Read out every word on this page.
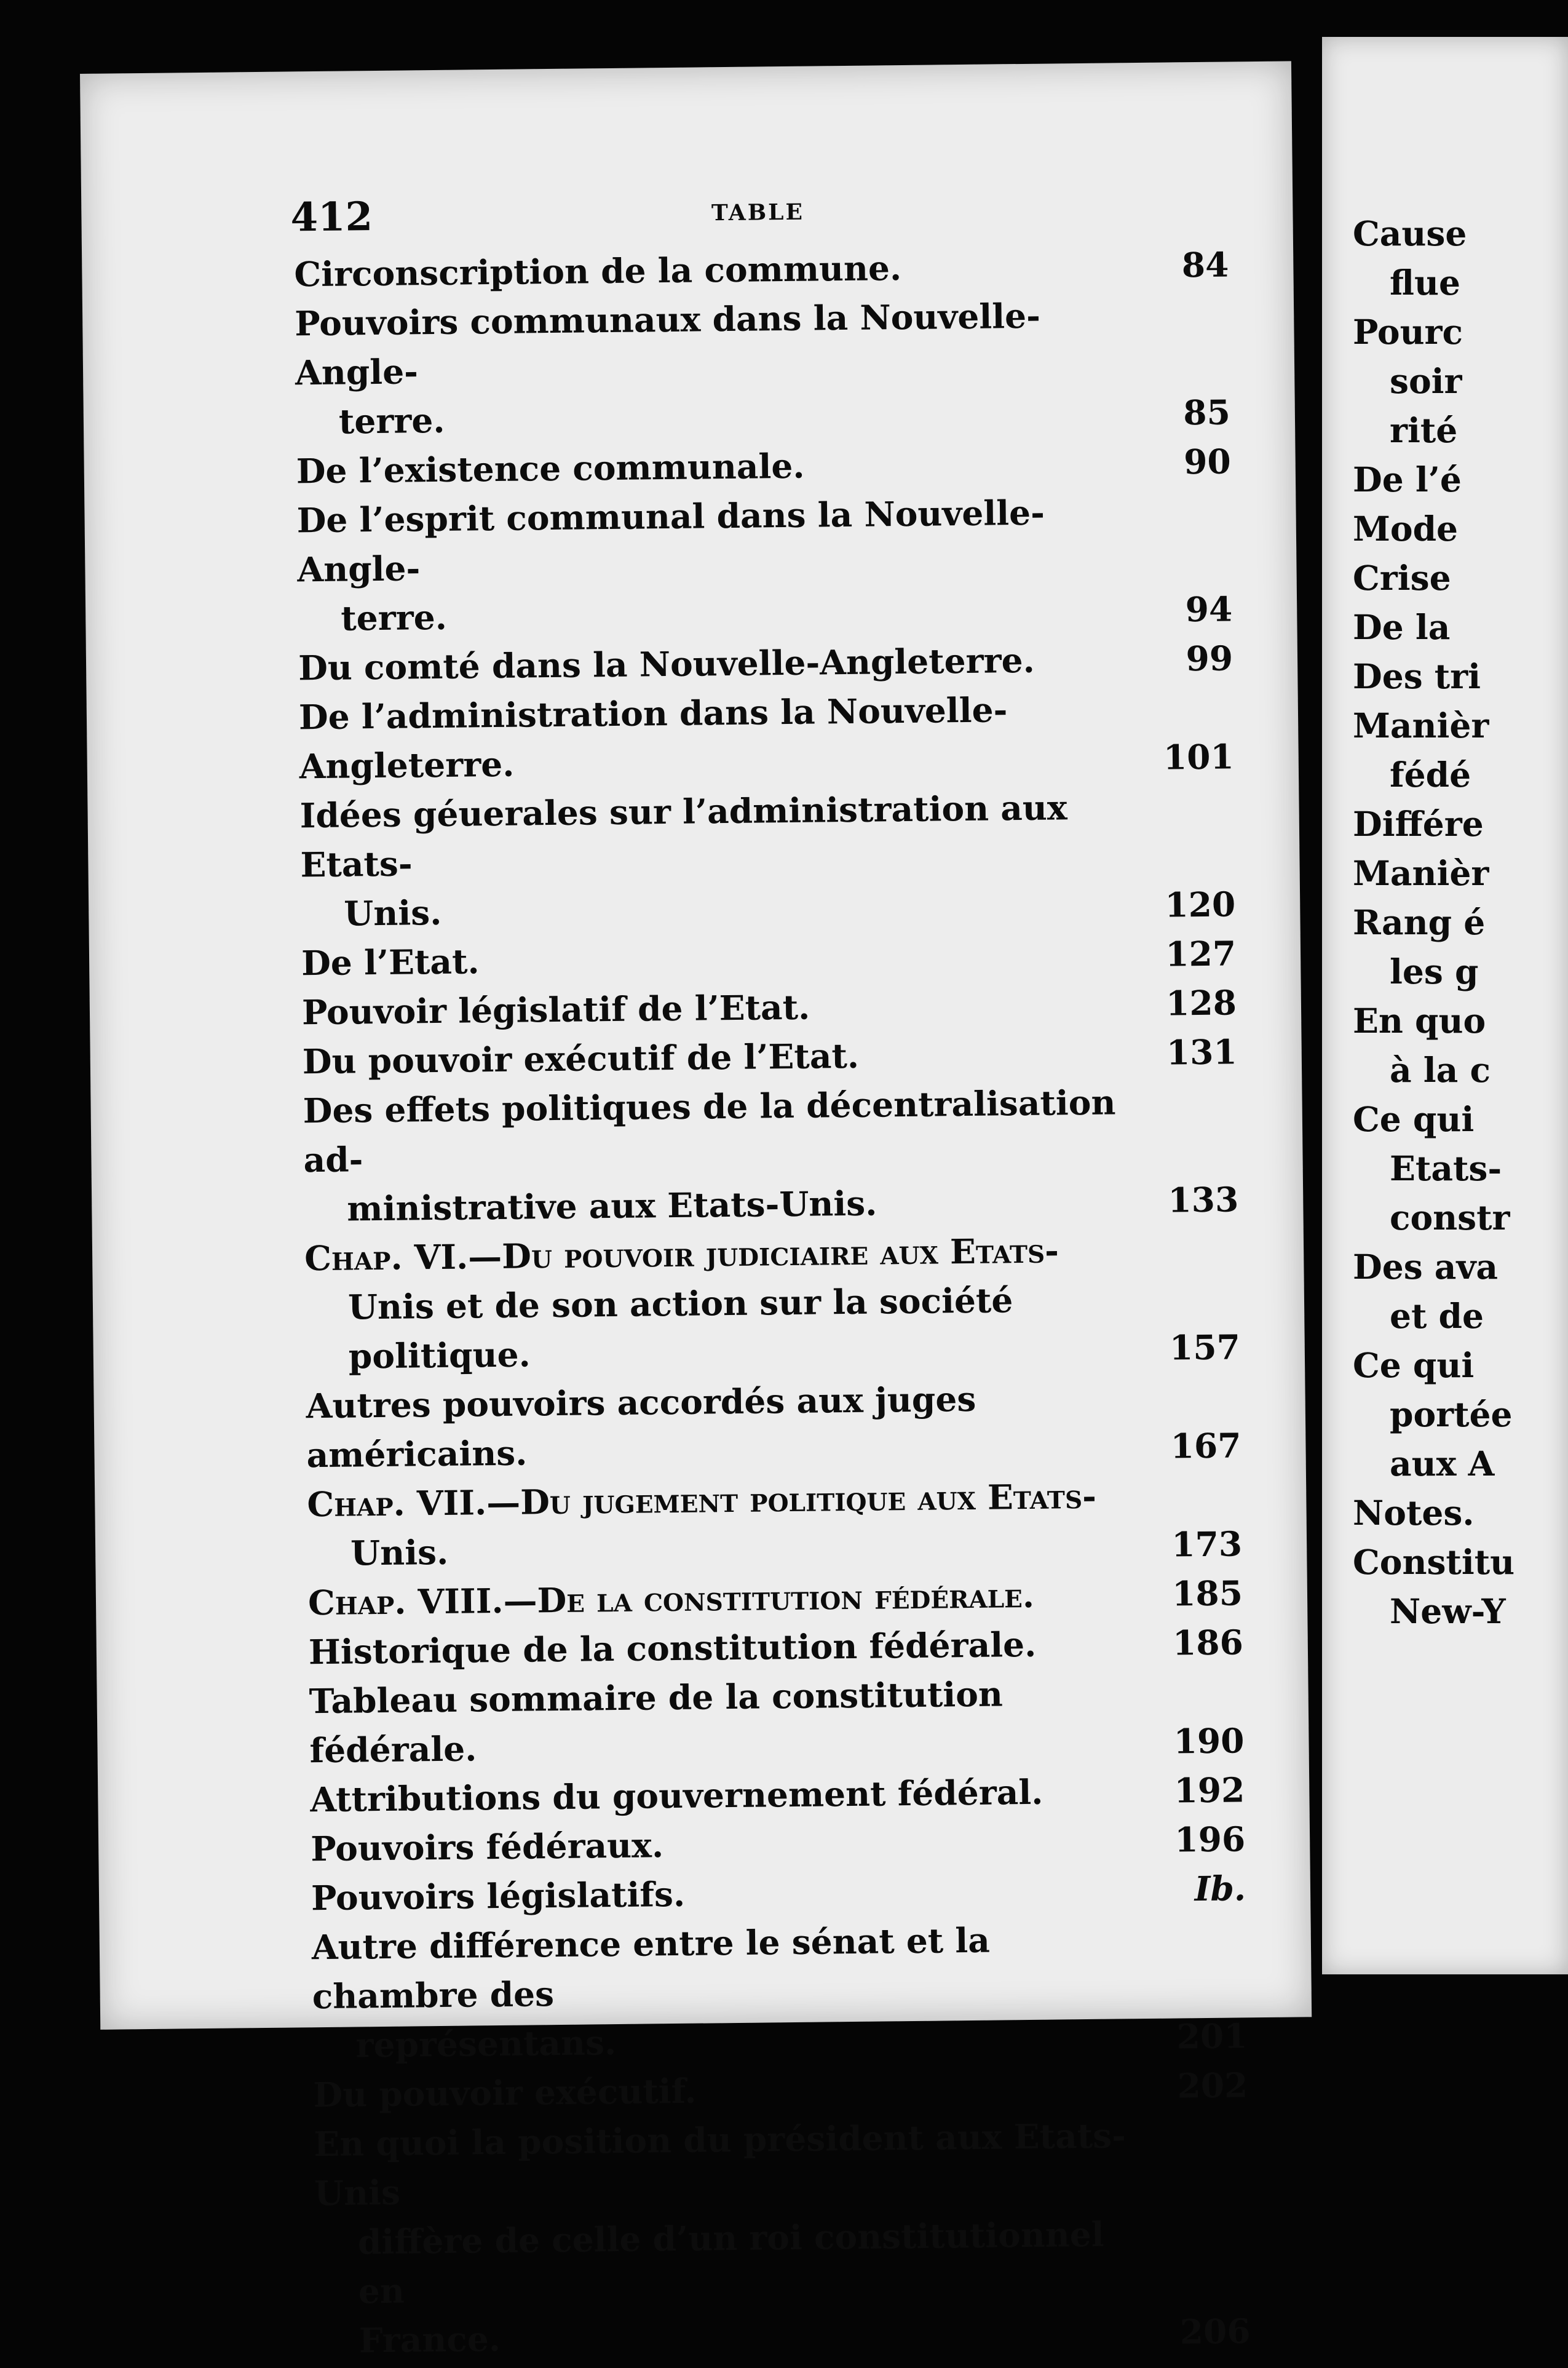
412	TABLE
Circonscription de la commune.	84
Pouvoirs communaux dans la Nouvelle-Angle-
terre.	85
De l’existence communale.	90
De l’esprit communal dans la Nouvelle-Angle-
terre.	94
Du comté dans la Nouvelle-Angleterre.	99
De l’administration dans la Nouvelle-Angleterre.	101
Idées géuerales sur l’administration aux Etats-
Unis.	120
De l’Etat.	127
Pouvoir législatif de l’Etat.	128
Du pouvoir exécutif de l’Etat.	131
Des effets politiques de la décentralisation ad-
ministrative aux Etats-Unis.	133
Chap. VI.—Du pouvoir judiciaire aux Etats-
Unis et de son action sur la société politique.	157
Autres pouvoirs accordés aux juges américains.	167
Chap. VII.—Du jugement politique aux Etats-
Unis.	173
Chap. VIII.—De la constitution fédérale.	185
Historique de la constitution fédérale.	186
Tableau sommaire de la constitution fédérale.	190
Attributions du gouvernement fédéral.	192
Pouvoirs fédéraux.	196
Pouvoirs législatifs.	Ib.
Autre différence entre le sénat et la chambre des
représentans.	201
Du pouvoir exécutif.	202
En quoi la position du président aux Etats-Unis
diffère de celle d’un roi constitutionnel en
France.	206
Cause
flue
Pourc
soir
rité
De l’é
Mode
Crise
De la
Des tri
Manièr
fédé
Différe
Manièr
Rang é
les g
En quo
à la c
Ce qui
Etats-
constr
Des ava
et de
Ce qui
portée
aux A
Notes.
Constitu
New-Y
